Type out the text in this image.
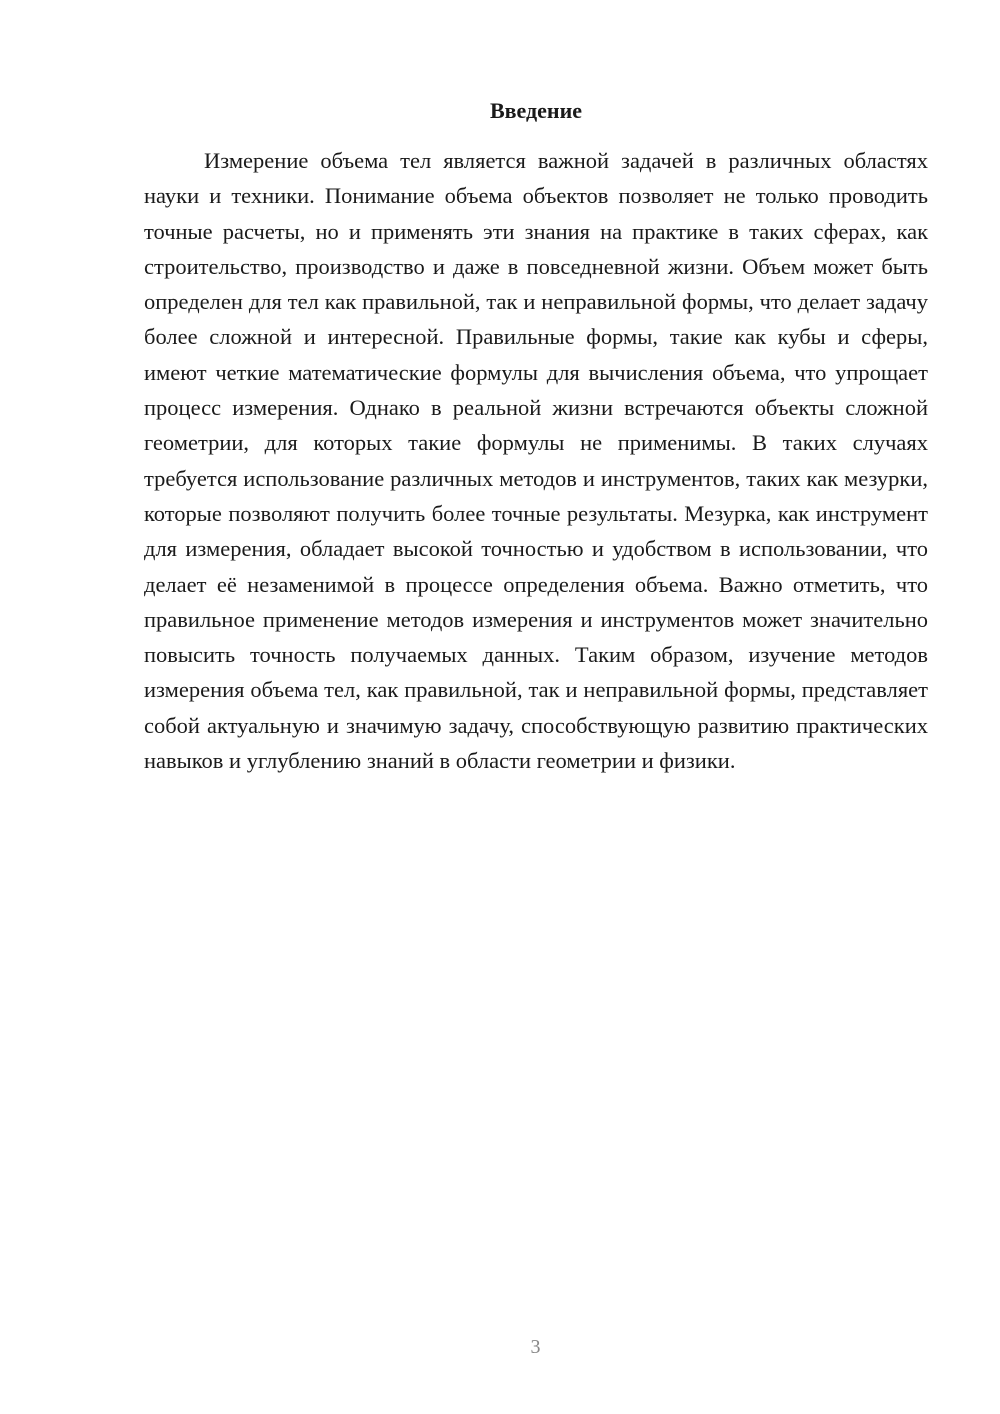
Введение

Измерение объема тел является важной задачей в различных областях науки и техники. Понимание объема объектов позволяет не только проводить точные расчеты, но и применять эти знания на практике в таких сферах, как строительство, производство и даже в повседневной жизни. Объем может быть определен для тел как правильной, так и неправильной формы, что делает задачу более сложной и интересной. Правильные формы, такие как кубы и сферы, имеют четкие математические формулы для вычисления объема, что упрощает процесс измерения. Однако в реальной жизни встречаются объекты сложной геометрии, для которых такие формулы не применимы. В таких случаях требуется использование различных методов и инструментов, таких как мезурки, которые позволяют получить более точные результаты. Мезурка, как инструмент для измерения, обладает высокой точностью и удобством в использовании, что делает её незаменимой в процессе определения объема. Важно отметить, что правильное применение методов измерения и инструментов может значительно повысить точность получаемых данных. Таким образом, изучение методов измерения объема тел, как правильной, так и неправильной формы, представляет собой актуальную и значимую задачу, способствующую развитию практических навыков и углублению знаний в области геометрии и физики.

3
